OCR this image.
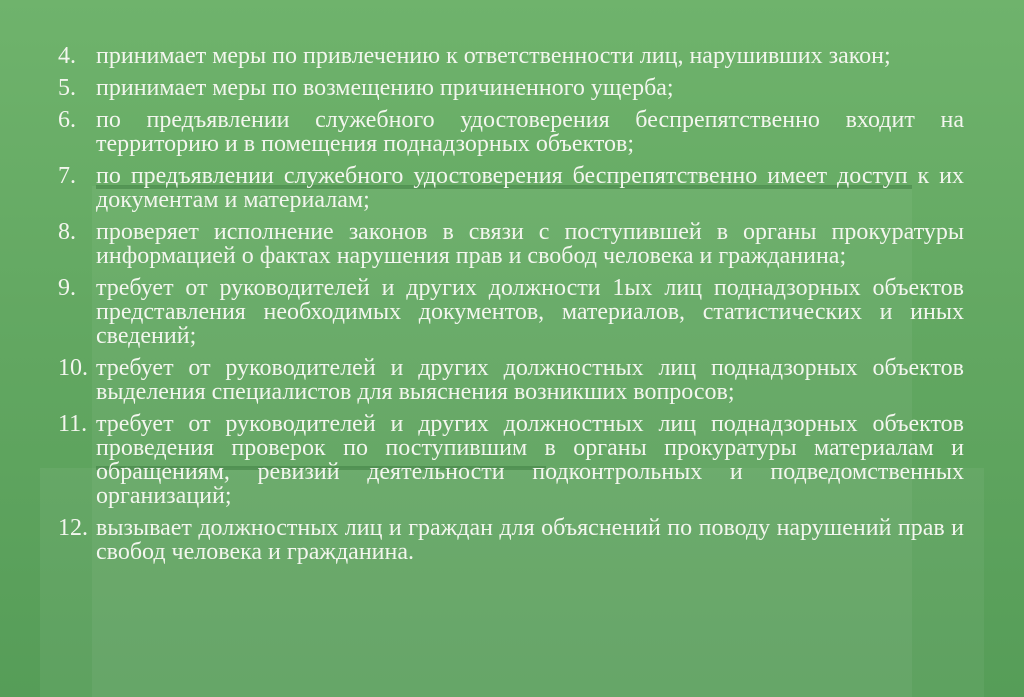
4. принимает меры по привлечению к ответственности лиц, нарушивших закон;
5. принимает меры по возмещению причиненного ущерба;
6. по предъявлении служебного удостоверения беспрепятственно входит на территорию и в помещения поднадзорных объектов;
7. по предъявлении служебного удостоверения беспрепятственно имеет доступ к их документам и материалам;
8. проверяет исполнение законов в связи с поступившей в органы прокуратуры информацией о фактах нарушения прав и свобод человека и гражданина;
9. требует от руководителей и других должности 1ых лиц поднадзорных объектов представления необходимых документов, материалов, статистических и иных сведений;
10. требует от руководителей и других должностных лиц поднадзорных объектов выделения специалистов для выяснения возникших вопросов;
11. требует от руководителей и других должностных лиц поднадзорных объектов проведения проверок по поступившим в органы прокуратуры материалам и обращениям, ревизий деятельности подконтрольных и подведомственных организаций;
12. вызывает должностных лиц и граждан для объяснений по поводу нарушений прав и свобод человека и гражданина.
